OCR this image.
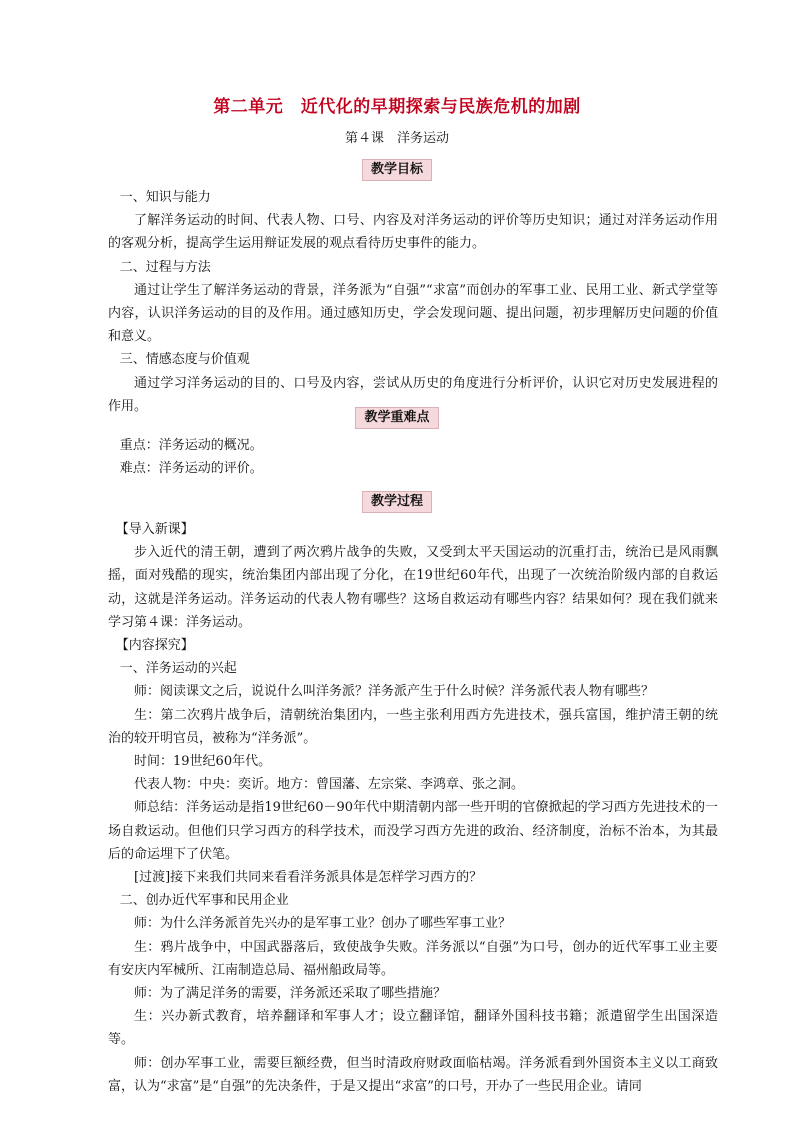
第二单元　近代化的早期探索与民族危机的加剧
第４课　洋务运动
教学目标

一、知识与能力

了解洋务运动的时间、代表人物、口号、内容及对洋务运动的评价等历史知识；通过对洋务运动作用的客观分析，提高学生运用辩证发展的观点看待历史事件的能力。

二、过程与方法

通过让学生了解洋务运动的背景，洋务派为“自强”“求富”而创办的军事工业、民用工业、新式学堂等内容，认识洋务运动的目的及作用。通过感知历史，学会发现问题、提出问题，初步理解历史问题的价值和意义。

三、情感态度与价值观

通过学习洋务运动的目的、口号及内容，尝试从历史的角度进行分析评价，认识它对历史发展进程的作用。

教学重难点

重点：洋务运动的概况。

难点：洋务运动的评价。

教学过程

【导入新课】

步入近代的清王朝，遭到了两次鸦片战争的失败，又受到太平天国运动的沉重打击，统治已是风雨飘摇，面对残酷的现实，统治集团内部出现了分化，在19世纪60年代，出现了一次统治阶级内部的自救运动，这就是洋务运动。洋务运动的代表人物有哪些？这场自救运动有哪些内容？结果如何？现在我们就来学习第４课：洋务运动。

【内容探究】

一、洋务运动的兴起

师：阅读课文之后，说说什么叫洋务派？洋务派产生于什么时候？洋务派代表人物有哪些？

生：第二次鸦片战争后，清朝统治集团内，一些主张利用西方先进技术，强兵富国，维护清王朝的统治的较开明官员，被称为“洋务派”。

时间：19世纪60年代。

代表人物：中央：奕䜣。地方：曾国藩、左宗棠、李鸿章、张之洞。

师总结：洋务运动是指19世纪60－90年代中期清朝内部一些开明的官僚掀起的学习西方先进技术的一场自救运动。但他们只学习西方的科学技术，而没学习西方先进的政治、经济制度，治标不治本，为其最后的命运埋下了伏笔。

[过渡]接下来我们共同来看看洋务派具体是怎样学习西方的？

二、创办近代军事和民用企业

师：为什么洋务派首先兴办的是军事工业？创办了哪些军事工业？

生：鸦片战争中，中国武器落后，致使战争失败。洋务派以“自强”为口号，创办的近代军事工业主要有安庆内军械所、江南制造总局、福州船政局等。

师：为了满足洋务的需要，洋务派还采取了哪些措施？

生：兴办新式教育，培养翻译和军事人才；设立翻译馆，翻译外国科技书籍；派遣留学生出国深造等。

师：创办军事工业，需要巨额经费，但当时清政府财政面临枯竭。洋务派看到外国资本主义以工商致富，认为“求富”是“自强”的先决条件，于是又提出“求富”的口号，开办了一些民用企业。请同
